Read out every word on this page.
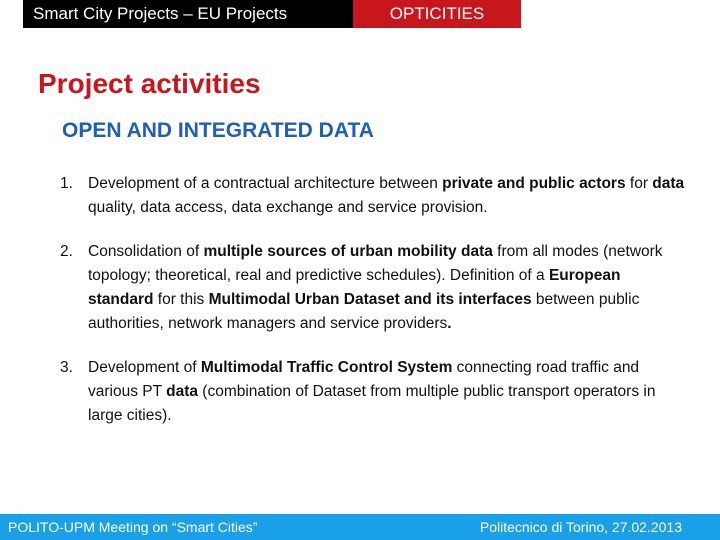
Smart City Projects – EU Projects	OPTICITIES
Project activities
OPEN AND INTEGRATED DATA
1. Development of a contractual architecture between private and public actors for data quality, data access, data exchange and service provision.
2. Consolidation of multiple sources of urban mobility data from all modes (network topology; theoretical, real and predictive schedules). Definition of a European standard for this Multimodal Urban Dataset and its interfaces between public authorities, network managers and service providers.
3. Development of Multimodal Traffic Control System connecting road traffic and various PT data (combination of Dataset from multiple public transport operators in large cities).
POLITO-UPM Meeting on “Smart Cities”	Politecnico di Torino, 27.02.2013
